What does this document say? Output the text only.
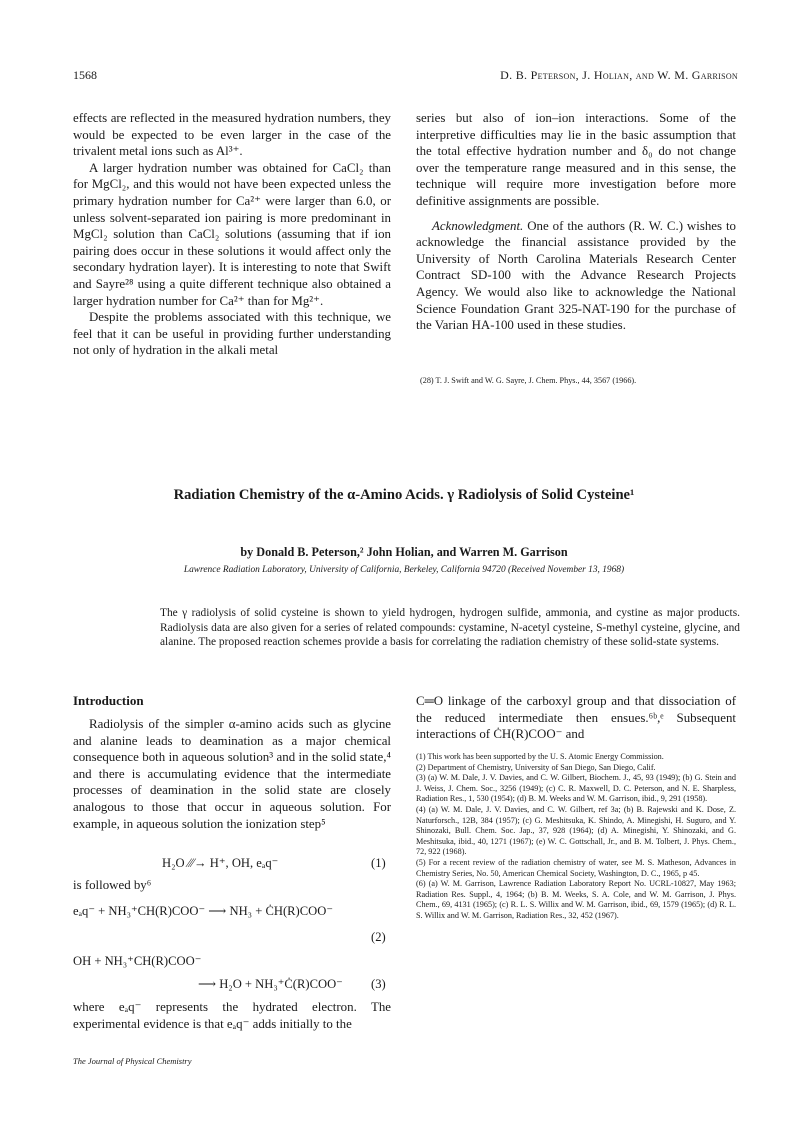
1568	D. B. Peterson, J. Holian, and W. M. Garrison

effects are reflected in the measured hydration numbers, they would be expected to be even larger in the case of the trivalent metal ions such as Al³⁺.

A larger hydration number was obtained for CaCl₂ than for MgCl₂, and this would not have been expected unless the primary hydration number for Ca²⁺ were larger than 6.0, or unless solvent-separated ion pairing is more predominant in MgCl₂ solution than CaCl₂ solutions (assuming that if ion pairing does occur in these solutions it would affect only the secondary hydration layer). It is interesting to note that Swift and Sayre²⁸ using a quite different technique also obtained a larger hydration number for Ca²⁺ than for Mg²⁺.

Despite the problems associated with this technique, we feel that it can be useful in providing further understanding not only of hydration in the alkali metal

series but also of ion–ion interactions. Some of the interpretive difficulties may lie in the basic assumption that the total effective hydration number and δ₀ do not change over the temperature range measured and in this sense, the technique will require more investigation before more definitive assignments are possible.

Acknowledgment. One of the authors (R. W. C.) wishes to acknowledge the financial assistance provided by the University of North Carolina Materials Research Center Contract SD-100 with the Advance Research Projects Agency. We would also like to acknowledge the National Science Foundation Grant 325-NAT-190 for the purchase of the Varian HA-100 used in these studies.

(28) T. J. Swift and W. G. Sayre, J. Chem. Phys., 44, 3567 (1966).
Radiation Chemistry of the α-Amino Acids. γ Radiolysis of Solid Cysteine¹
by Donald B. Peterson,² John Holian, and Warren M. Garrison
Lawrence Radiation Laboratory, University of California, Berkeley, California 94720 (Received November 13, 1968)
The γ radiolysis of solid cysteine is shown to yield hydrogen, hydrogen sulfide, ammonia, and cystine as major products. Radiolysis data are also given for a series of related compounds: cystamine, N-acetyl cysteine, S-methyl cysteine, glycine, and alanine. The proposed reaction schemes provide a basis for correlating the radiation chemistry of these solid-state systems.
Introduction

Radiolysis of the simpler α-amino acids such as glycine and alanine leads to deamination as a major chemical consequence both in aqueous solution³ and in the solid state,⁴ and there is accumulating evidence that the intermediate processes of deamination in the solid state are closely analogous to those that occur in aqueous solution. For example, in aqueous solution the ionization step⁵

H₂O ⁄⁄⁄→ H⁺, OH, eₐq⁻	(1)
is followed by⁶
eₐq⁻ + NH₃⁺CH(R)COO⁻ ⟶ NH₃ + ĊH(R)COO⁻
(2)
OH + NH₃⁺CH(R)COO⁻
⟶ H₂O + NH₃⁺Ċ(R)COO⁻ (3)

where eₐq⁻ represents the hydrated electron. The experimental evidence is that eₐq⁻ adds initially to the

C═O linkage of the carboxyl group and that dissociation of the reduced intermediate then ensues.⁶ᵇ,ᵉ Subsequent interactions of ĊH(R)COO⁻ and

(1) This work has been supported by the U. S. Atomic Energy Commission.

(2) Department of Chemistry, University of San Diego, San Diego, Calif.

(3) (a) W. M. Dale, J. V. Davies, and C. W. Gilbert, Biochem. J., 45, 93 (1949); (b) G. Stein and J. Weiss, J. Chem. Soc., 3256 (1949); (c) C. R. Maxwell, D. C. Peterson, and N. E. Sharpless, Radiation Res., 1, 530 (1954); (d) B. M. Weeks and W. M. Garrison, ibid., 9, 291 (1958).

(4) (a) W. M. Dale, J. V. Davies, and C. W. Gilbert, ref 3a; (b) B. Rajewski and K. Dose, Z. Naturforsch., 12B, 384 (1957); (c) G. Meshitsuka, K. Shindo, A. Minegishi, H. Suguro, and Y. Shinozaki, Bull. Chem. Soc. Jap., 37, 928 (1964); (d) A. Minegishi, Y. Shinozaki, and G. Meshitsuka, ibid., 40, 1271 (1967); (e) W. C. Gottschall, Jr., and B. M. Tolbert, J. Phys. Chem., 72, 922 (1968).

(5) For a recent review of the radiation chemistry of water, see M. S. Matheson, Advances in Chemistry Series, No. 50, American Chemical Society, Washington, D. C., 1965, p 45.

(6) (a) W. M. Garrison, Lawrence Radiation Laboratory Report No. UCRL-10827, May 1963; Radiation Res. Suppl., 4, 1964; (b) B. M. Weeks, S. A. Cole, and W. M. Garrison, J. Phys. Chem., 69, 4131 (1965); (c) R. L. S. Willix and W. M. Garrison, ibid., 69, 1579 (1965); (d) R. L. S. Willix and W. M. Garrison, Radiation Res., 32, 452 (1967).

The Journal of Physical Chemistry
